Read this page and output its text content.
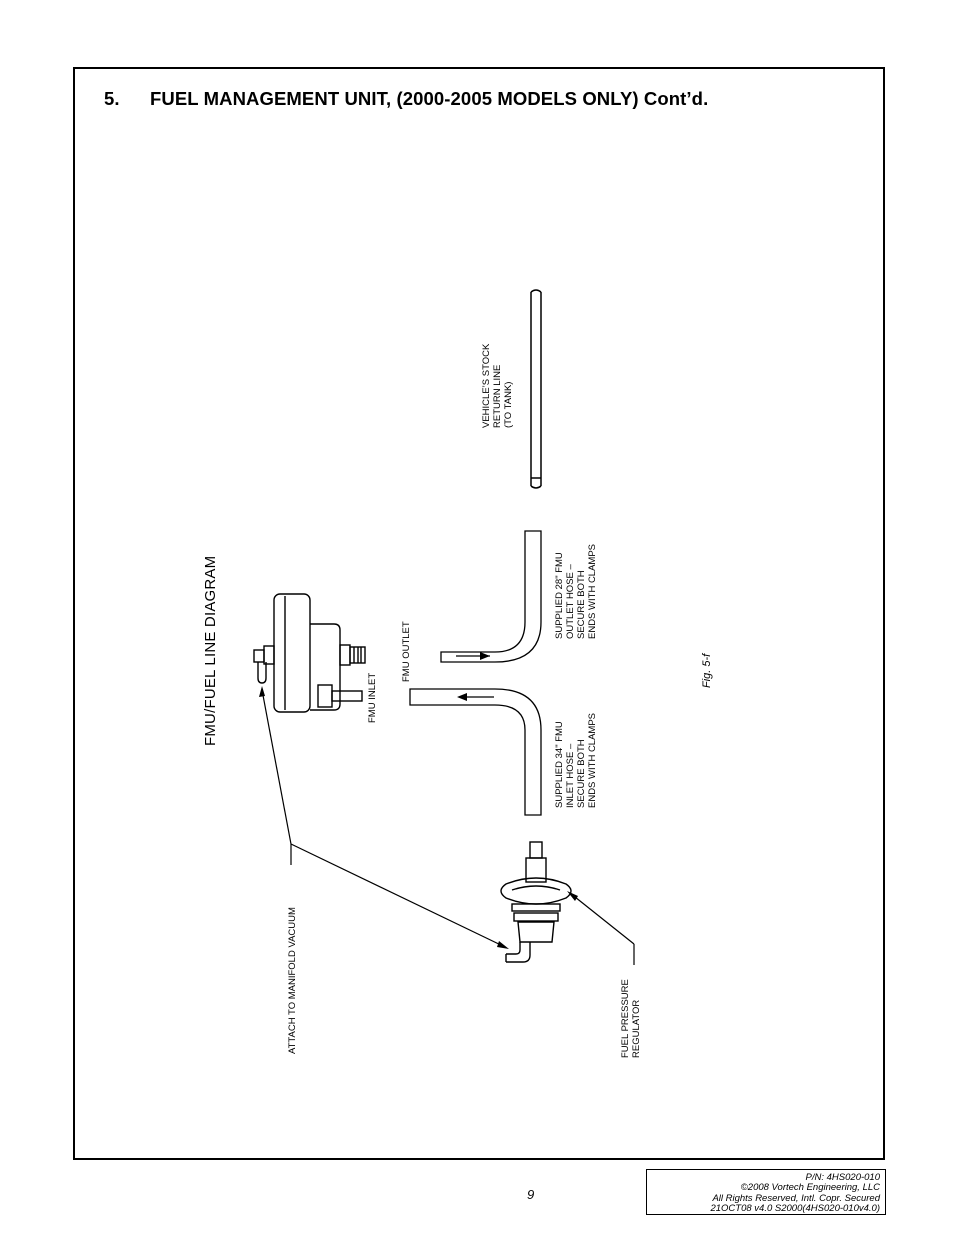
5. FUEL MANAGEMENT UNIT, (2000-2005 MODELS ONLY) Cont’d.
FMU/FUEL LINE DIAGRAM
VEHICLE’S STOCK
RETURN LINE
(TO TANK)
SUPPLIED 28" FMU
OUTLET HOSE –
SECURE BOTH
ENDS WITH CLAMPS
SUPPLIED 34" FMU
INLET HOSE –
SECURE BOTH
ENDS WITH CLAMPS
FMU OUTLET
FMU INLET
ATTACH TO MANIFOLD VACUUM	FUEL PRESSURE
REGULATOR
Fig. 5-f
9
P/N: 4HS020-010
©2008 Vortech Engineering, LLC
All Rights Reserved, Intl. Copr. Secured
21OCT08 v4.0 S2000(4HS020-010v4.0)
